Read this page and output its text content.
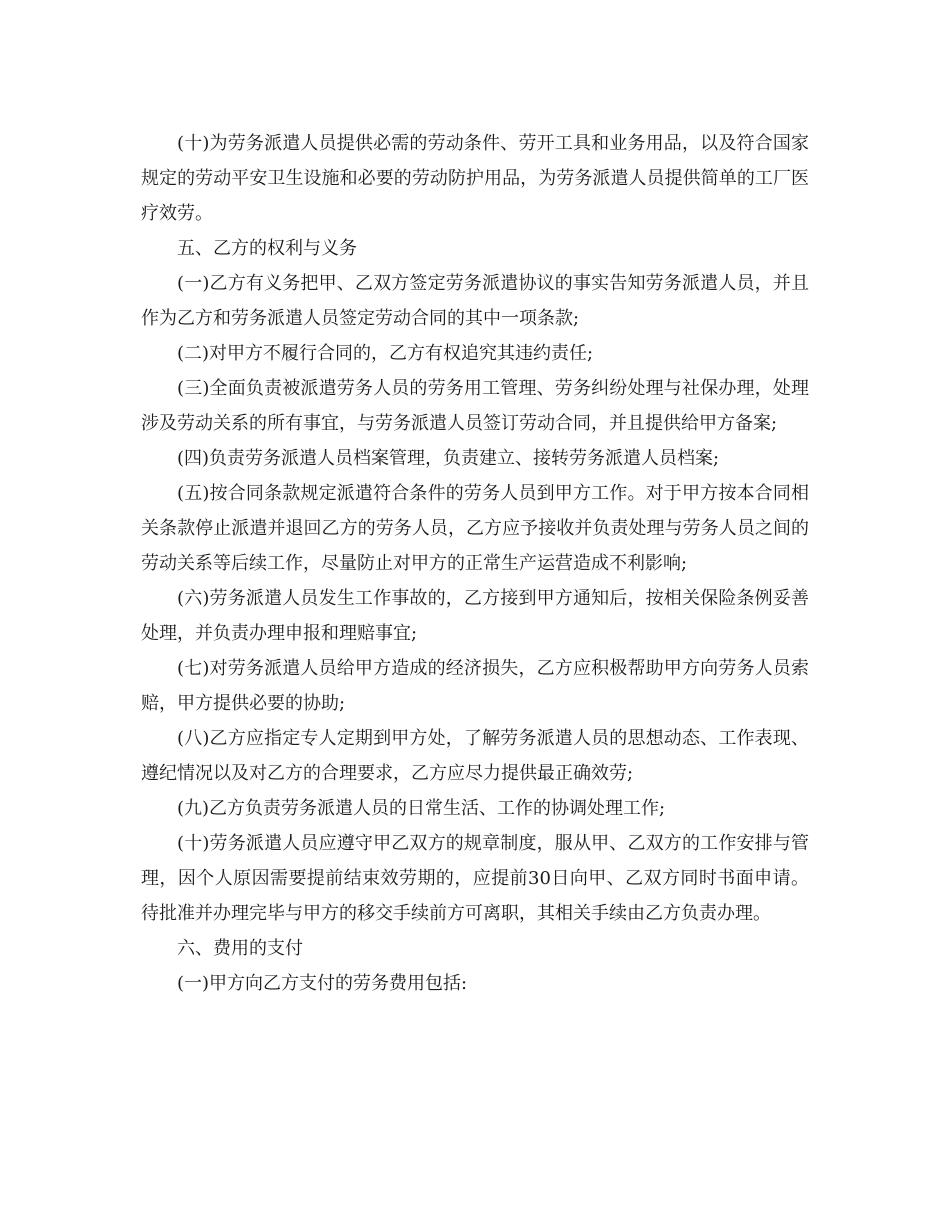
(十)为劳务派遣人员提供必需的劳动条件、劳开工具和业务用品，以及符合国家规定的劳动平安卫生设施和必要的劳动防护用品，为劳务派遣人员提供简单的工厂医疗效劳。

五、乙方的权利与义务

(一)乙方有义务把甲、乙双方签定劳务派遣协议的事实告知劳务派遣人员，并且作为乙方和劳务派遣人员签定劳动合同的其中一项条款;

(二)对甲方不履行合同的，乙方有权追究其违约责任;

(三)全面负责被派遣劳务人员的劳务用工管理、劳务纠纷处理与社保办理，处理涉及劳动关系的所有事宜，与劳务派遣人员签订劳动合同，并且提供给甲方备案;

(四)负责劳务派遣人员档案管理，负责建立、接转劳务派遣人员档案;

(五)按合同条款规定派遣符合条件的劳务人员到甲方工作。对于甲方按本合同相关条款停止派遣并退回乙方的劳务人员，乙方应予接收并负责处理与劳务人员之间的劳动关系等后续工作，尽量防止对甲方的正常生产运营造成不利影响;

(六)劳务派遣人员发生工作事故的，乙方接到甲方通知后，按相关保险条例妥善处理，并负责办理申报和理赔事宜;

(七)对劳务派遣人员给甲方造成的经济损失，乙方应积极帮助甲方向劳务人员索赔，甲方提供必要的协助;

(八)乙方应指定专人定期到甲方处，了解劳务派遣人员的思想动态、工作表现、遵纪情况以及对乙方的合理要求，乙方应尽力提供最正确效劳;

(九)乙方负责劳务派遣人员的日常生活、工作的协调处理工作;

(十)劳务派遣人员应遵守甲乙双方的规章制度，服从甲、乙双方的工作安排与管理，因个人原因需要提前结束效劳期的，应提前30日向甲、乙双方同时书面申请。待批准并办理完毕与甲方的移交手续前方可离职，其相关手续由乙方负责办理。

六、费用的支付

(一)甲方向乙方支付的劳务费用包括:
